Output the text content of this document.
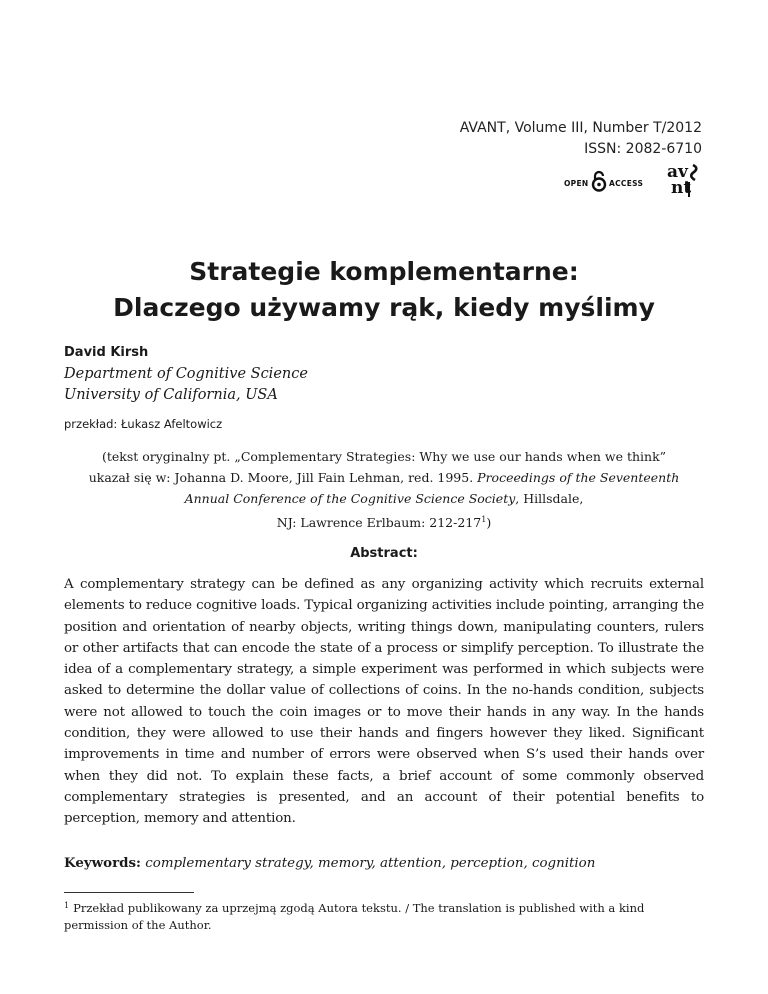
AVANT, Volume III, Number T/2012
ISSN: 2082-6710
OPEN	ACCESS
av
nt
Strategie komplementarne:
Dlaczego używamy rąk, kiedy myślimy
David Kirsh
Department of Cognitive Science
University of California, USA
przekład: Łukasz Afeltowicz
(tekst oryginalny pt. „Complementary Strategies: Why we use our hands when we think”
ukazał się w: Johanna D. Moore, Jill Fain Lehman, red. 1995. Proceedings of the Seventeenth
Annual Conference of the Cognitive Science Society, Hillsdale,
NJ: Lawrence Erlbaum: $212-217^1$)
Abstract:

A complementary strategy can be defined as any organizing activity which recruits external elements to reduce cognitive loads. Typical organizing activities include pointing, arranging the position and orientation of nearby objects, writing things down, manipulating counters, rulers or other artifacts that can encode the state of a process or simplify perception. To illustrate the idea of a complementary strategy, a simple experiment was performed in which subjects were asked to determine the dollar value of collections of coins. In the no-hands condition, subjects were not allowed to touch the coin images or to move their hands in any way. In the hands condition, they were allowed to use their hands and fingers however they liked. Significant improvements in time and number of errors were observed when S’s used their hands over when they did not. To explain these facts, a brief account of some commonly observed complementary strategies is presented, and an account of their potential benefits to perception, memory and attention.

Keywords: complementary strategy, memory, attention, perception, cognition
$^1$ Przekład publikowany za uprzejmą zgodą Autora tekstu. / The translation is published with a kind permission of the Author.
